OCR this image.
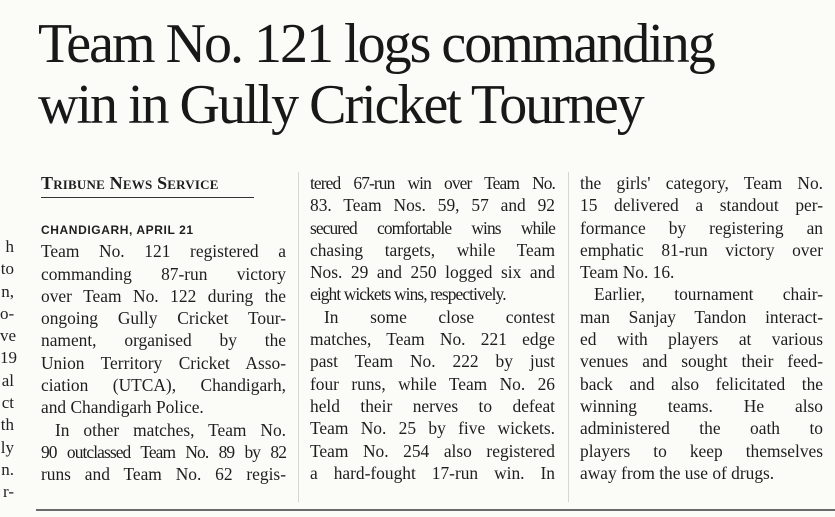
Team No. 121 logs commanding
win in Gully Cricket Tourney
h
to
n,
o-
ve
19
al
ct
th
ly
n.
r-
Tribune News Service
CHANDIGARH, APRIL 21
Team No. 121 registered a
commanding 87-run victory
over Team No. 122 during the
ongoing Gully Cricket Tour-
nament, organised by the
Union Territory Cricket Asso-
ciation (UTCA), Chandigarh,
and Chandigarh Police.
In other matches, Team No.
90 outclassed Team No. 89 by 82
runs and Team No. 62 regis-
tered 67-run win over Team No.
83. Team Nos. 59, 57 and 92
secured comfortable wins while
chasing targets, while Team
Nos. 29 and 250 logged six and
eight wickets wins, respectively.
In some close contest
matches, Team No. 221 edge
past Team No. 222 by just
four runs, while Team No. 26
held their nerves to defeat
Team No. 25 by five wickets.
Team No. 254 also registered
a hard-fought 17-run win. In
the girls' category, Team No.
15 delivered a standout per-
formance by registering an
emphatic 81-run victory over
Team No. 16.
Earlier, tournament chair-
man Sanjay Tandon interact-
ed with players at various
venues and sought their feed-
back and also felicitated the
winning teams. He also
administered the oath to
players to keep themselves
away from the use of drugs.
